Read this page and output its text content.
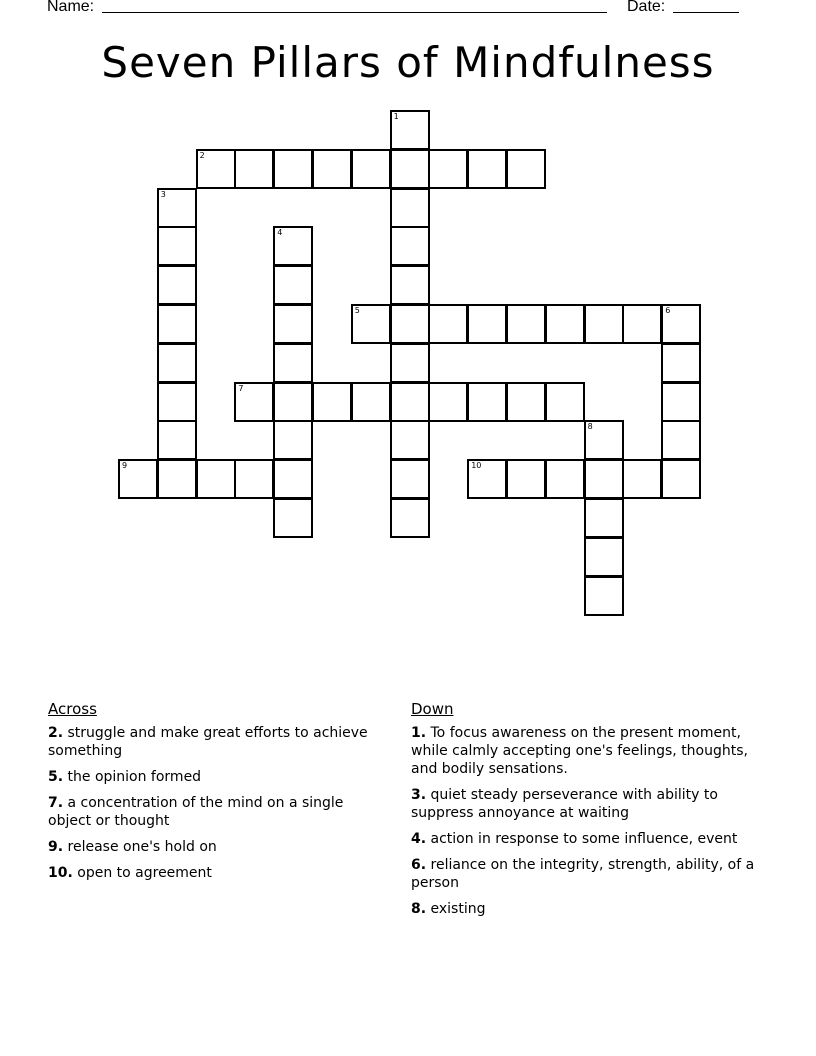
Name:	Date:
Seven Pillars of Mindfulness
1
2
3
4
5	6
7
8
9	10
Across
2. struggle and make great efforts to achieve something
5. the opinion formed
7. a concentration of the mind on a single object or thought
9. release one's hold on
10. open to agreement
Down
1. To focus awareness on the present moment, while calmly accepting one's feelings, thoughts, and bodily sensations.
3. quiet steady perseverance with ability to suppress annoyance at waiting
4. action in response to some influence, event
6. reliance on the integrity, strength, ability, of a person
8. existing
